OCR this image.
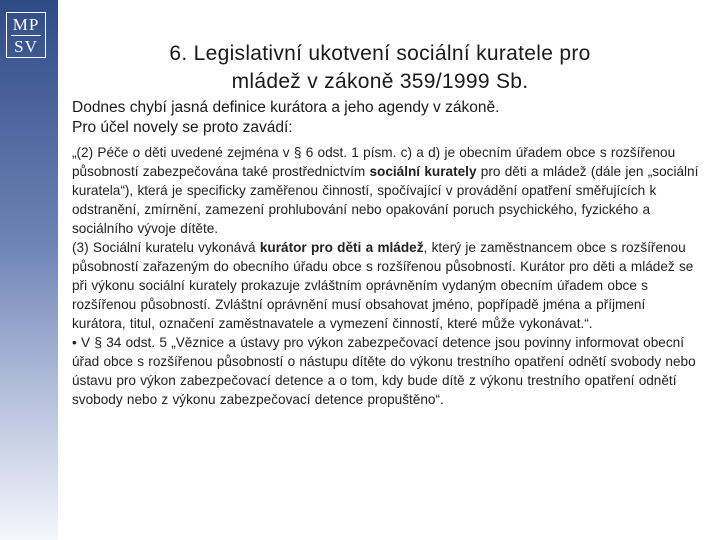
MP
SV	6. Legislativní ukotvení sociální kuratele pro
mládež v zákoně 359/1999 Sb.
Dodnes chybí jasná definice kurátora a jeho agendy v zákoně.
Pro účel novely se proto zavádí:

„(2) Péče o děti uvedené zejména v § 6 odst. 1 písm. c) a d) je obecním úřadem obce s rozšířenou působností zabezpečována také prostřednictvím sociální kurately pro děti a mládež (dále jen „sociální kuratela“), která je specificky zaměřenou činností, spočívající v provádění opatření směřujících k odstranění, zmírnění, zamezení prohlubování nebo opakování poruch psychického, fyzického a sociálního vývoje dítěte.

(3) Sociální kuratelu vykonává kurátor pro děti a mládež, který je zaměstnancem obce s rozšířenou působností zařazeným do obecního úřadu obce s rozšířenou působností. Kurátor pro děti a mládež se při výkonu sociální kurately prokazuje zvláštním oprávněním vydaným obecním úřadem obce s rozšířenou působností. Zvláštní oprávnění musí obsahovat jméno, popřípadě jména a příjmení kurátora, titul, označení zaměstnavatele a vymezení činností, které může vykonávat.“.

• V § 34 odst. 5 „Věznice a ústavy pro výkon zabezpečovací detence jsou povinny informovat obecní úřad obce s rozšířenou působností o nástupu dítěte do výkonu trestního opatření odnětí svobody nebo ústavu pro výkon zabezpečovací detence a o tom, kdy bude dítě z výkonu trestního opatření odnětí svobody nebo z výkonu zabezpečovací detence propuštěno“.
